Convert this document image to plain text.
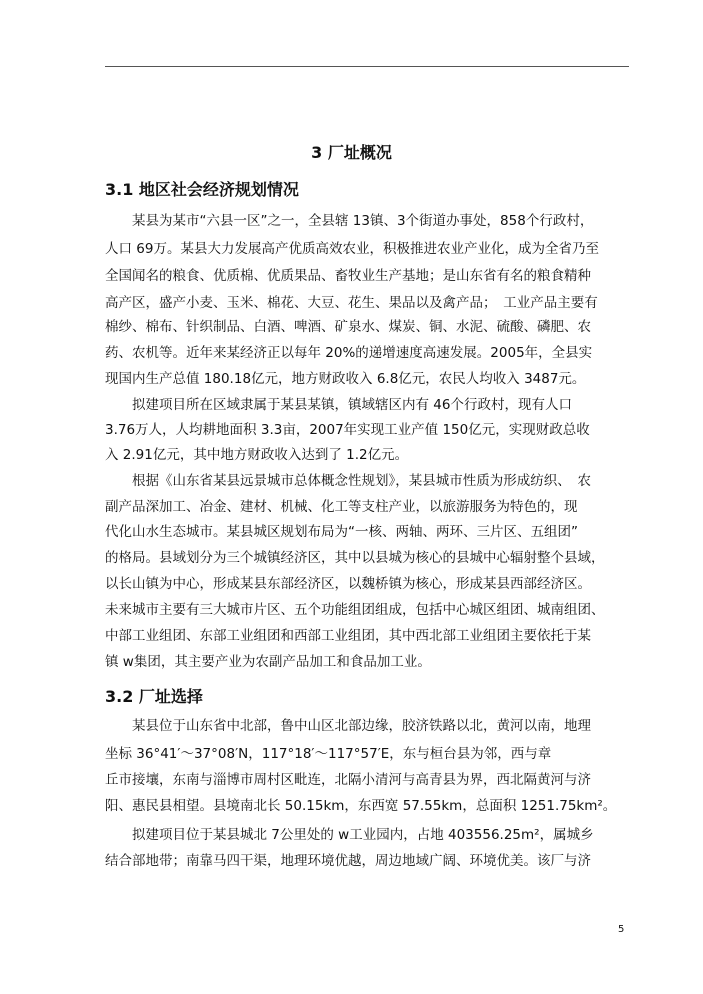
3 厂址概况
3.1 地区社会经济规划情况

　　某县为某市“六县一区”之一，全县辖 13镇、3个街道办事处，858个行政村，

人口 69万。某县大力发展高产优质高效农业，积极推进农业产业化，成为全省乃至

全国闻名的粮食、优质棉、优质果品、畜牧业生产基地；是山东省有名的粮食精种

高产区，盛产小麦、玉米、棉花、大豆、花生、果品以及禽产品；　工业产品主要有

棉纱、棉布、针织制品、白酒、啤酒、矿泉水、煤炭、铜、水泥、硫酸、磷肥、农

药、农机等。近年来某经济正以每年 20%的递增速度高速发展。2005年，全县实

现国内生产总值 180.18亿元，地方财政收入 6.8亿元，农民人均收入 3487元。

　　拟建项目所在区域隶属于某县某镇，镇域辖区内有 46个行政村，现有人口

3.76万人，人均耕地面积 3.3亩，2007年实现工业产值 150亿元，实现财政总收

入 2.91亿元，其中地方财政收入达到了 1.2亿元。

　　根据《山东省某县远景城市总体概念性规划》，某县城市性质为形成纺织、　农

副产品深加工、冶金、建材、机械、化工等支柱产业，以旅游服务为特色的，现

代化山水生态城市。某县城区规划布局为“一核、两轴、两环、三片区、五组团”

的格局。县域划分为三个城镇经济区，其中以县城为核心的县城中心辐射整个县域，

以长山镇为中心，形成某县东部经济区，以魏桥镇为核心，形成某县西部经济区。

未来城市主要有三大城市片区、五个功能组团组成，包括中心城区组团、城南组团、

中部工业组团、东部工业组团和西部工业组团，其中西北部工业组团主要依托于某

镇 w集团，其主要产业为农副产品加工和食品加工业。

3.2 厂址选择

　　某县位于山东省中北部，鲁中山区北部边缘，胶济铁路以北，黄河以南，地理

坐标 36°41′～37°08′N，117°18′～117°57′E，东与桓台县为邻，西与章

丘市接壤，东南与淄博市周村区毗连，北隔小清河与高青县为界，西北隔黄河与济

阳、惠民县相望。县境南北长 50.15km，东西宽 57.55km，总面积 1251.75km²。

　　拟建项目位于某县城北 7公里处的 w工业园内，占地 403556.25m²，属城乡

结合部地带；南靠马四干渠，地理环境优越，周边地域广阔、环境优美。该厂与济

5
